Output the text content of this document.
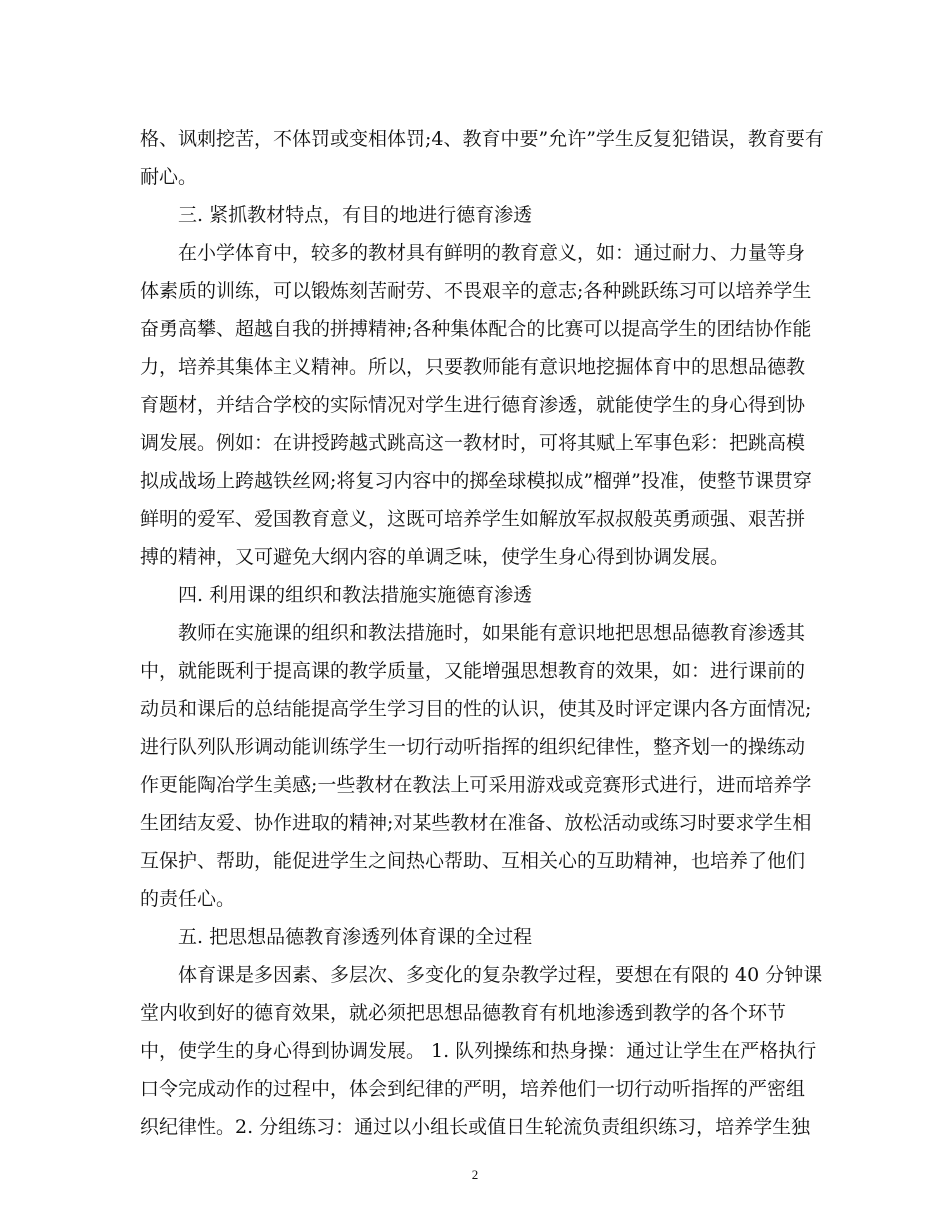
格、讽刺挖苦，不体罚或变相体罚;4、教育中要”允许”学生反复犯错误，教育要有

耐心。

　　三. 紧抓教材特点，有目的地进行德育渗透

　　在小学体育中，较多的教材具有鲜明的教育意义，如：通过耐力、力量等身

体素质的训练，可以锻炼刻苦耐劳、不畏艰辛的意志;各种跳跃练习可以培养学生

奋勇高攀、超越自我的拼搏精神;各种集体配合的比赛可以提高学生的团结协作能

力，培养其集体主义精神。所以，只要教师能有意识地挖掘体育中的思想品德教

育题材，并结合学校的实际情况对学生进行德育渗透，就能使学生的身心得到协

调发展。例如：在讲授跨越式跳高这一教材时，可将其赋上军事色彩：把跳高模

拟成战场上跨越铁丝网;将复习内容中的掷垒球模拟成”榴弹”投准，使整节课贯穿

鲜明的爱军、爱国教育意义，这既可培养学生如解放军叔叔般英勇顽强、艰苦拼

搏的精神，又可避免大纲内容的单调乏味，使学生身心得到协调发展。

　　四. 利用课的组织和教法措施实施德育渗透

　　教师在实施课的组织和教法措施时，如果能有意识地把思想品德教育渗透其

中，就能既利于提高课的教学质量，又能增强思想教育的效果，如：进行课前的

动员和课后的总结能提高学生学习目的性的认识，使其及时评定课内各方面情况;

进行队列队形调动能训练学生一切行动听指挥的组织纪律性，整齐划一的操练动

作更能陶冶学生美感;一些教材在教法上可采用游戏或竞赛形式进行，进而培养学

生团结友爱、协作进取的精神;对某些教材在准备、放松活动或练习时要求学生相

互保护、帮助，能促进学生之间热心帮助、互相关心的互助精神，也培养了他们

的责任心。

　　五. 把思想品德教育渗透列体育课的全过程

　　体育课是多因素、多层次、多变化的复杂教学过程，要想在有限的 40 分钟课

堂内收到好的德育效果，就必须把思想品德教育有机地渗透到教学的各个环节

中，使学生的身心得到协调发展。 1. 队列操练和热身操：通过让学生在严格执行

口令完成动作的过程中，体会到纪律的严明，培养他们一切行动听指挥的严密组

织纪律性。2. 分组练习：通过以小组长或值日生轮流负责组织练习，培养学生独

2
